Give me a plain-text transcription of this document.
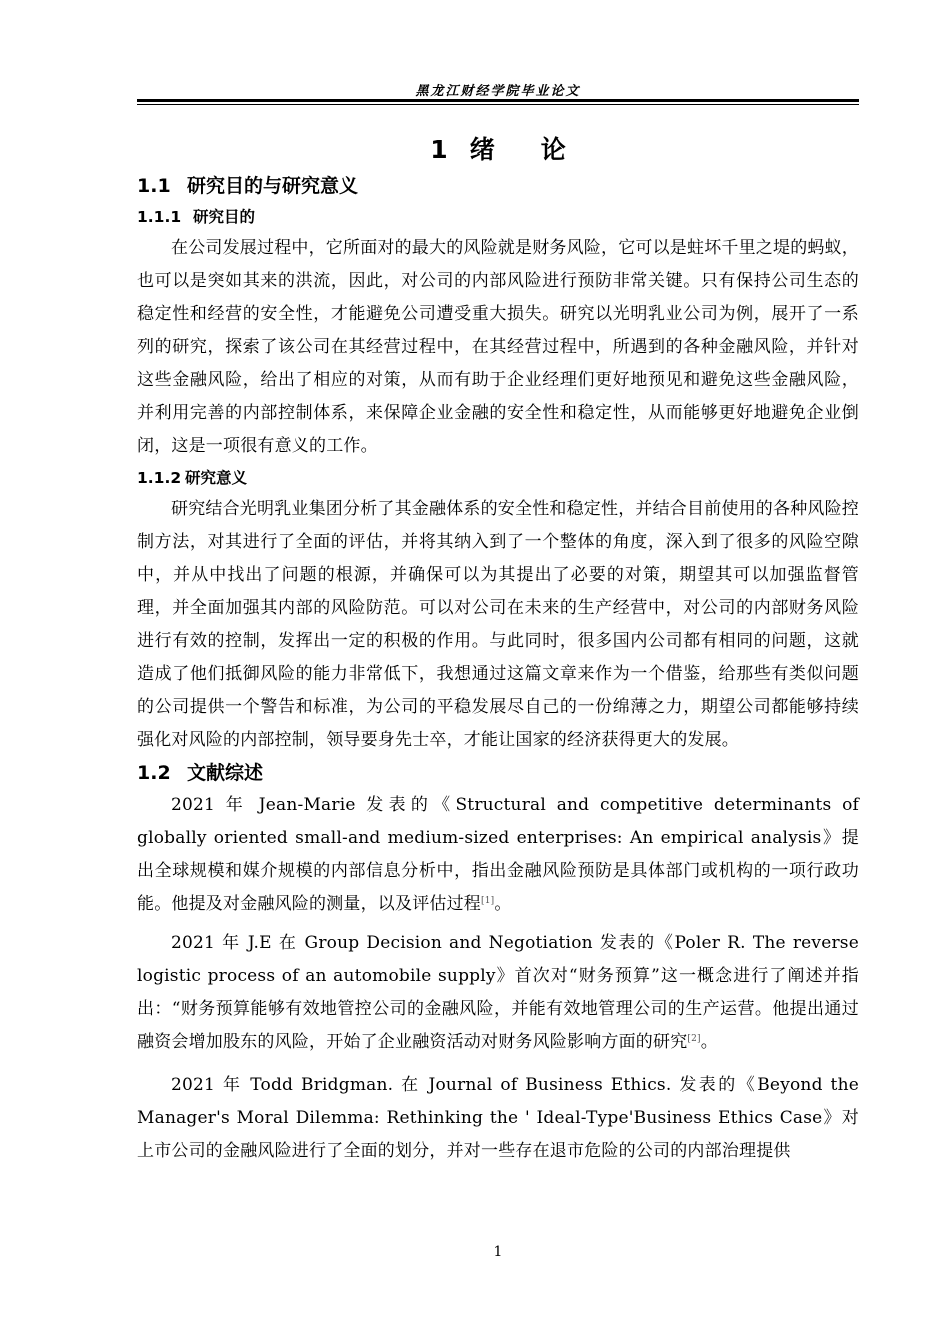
黑龙江财经学院毕业论文
1 绪 论
1.1 研究目的与研究意义
1.1.1 研究目的

在公司发展过程中，它所面对的最大的风险就是财务风险，它可以是蛀坏千里之堤的蚂蚁，也可以是突如其来的洪流，因此，对公司的内部风险进行预防非常关键。只有保持公司生态的稳定性和经营的安全性，才能避免公司遭受重大损失。研究以光明乳业公司为例，展开了一系列的研究，探索了该公司在其经营过程中，在其经营过程中，所遇到的各种金融风险，并针对这些金融风险，给出了相应的对策，从而有助于企业经理们更好地预见和避免这些金融风险，并利用完善的内部控制体系，来保障企业金融的安全性和稳定性，从而能够更好地避免企业倒闭，这是一项很有意义的工作。

1.1.2 研究意义

研究结合光明乳业集团分析了其金融体系的安全性和稳定性，并结合目前使用的各种风险控制方法，对其进行了全面的评估，并将其纳入到了一个整体的角度，深入到了很多的风险空隙中，并从中找出了问题的根源，并确保可以为其提出了必要的对策，期望其可以加强监督管理，并全面加强其内部的风险防范。可以对公司在未来的生产经营中，对公司的内部财务风险进行有效的控制，发挥出一定的积极的作用。与此同时，很多国内公司都有相同的问题，这就造成了他们抵御风险的能力非常低下，我想通过这篇文章来作为一个借鉴，给那些有类似问题的公司提供一个警告和标准，为公司的平稳发展尽自己的一份绵薄之力，期望公司都能够持续强化对风险的内部控制，领导要身先士卒，才能让国家的经济获得更大的发展。

1.2 文献综述

2021 年 Jean-Marie 发表的《Structural and competitive determinants of globally oriented small-and medium-sized enterprises: An empirical analysis》提出全球规模和媒介规模的内部信息分析中，指出金融风险预防是具体部门或机构的一项行政功能。他提及对金融风险的测量，以及评估过程[1]。

2021 年 J.E 在 Group Decision and Negotiation 发表的《Poler R. The reverse logistic process of an automobile supply》首次对“财务预算”这一概念进行了阐述并指出：“财务预算能够有效地管控公司的金融风险，并能有效地管理公司的生产运营。他提出通过融资会增加股东的风险，开始了企业融资活动对财务风险影响方面的研究[2]。

2021 年 Todd Bridgman. 在 Journal of Business Ethics. 发表的《Beyond the Manager's Moral Dilemma: Rethinking the ' Ideal-Type'Business Ethics Case》对上市公司的金融风险进行了全面的划分，并对一些存在退市危险的公司的内部治理提供

1
